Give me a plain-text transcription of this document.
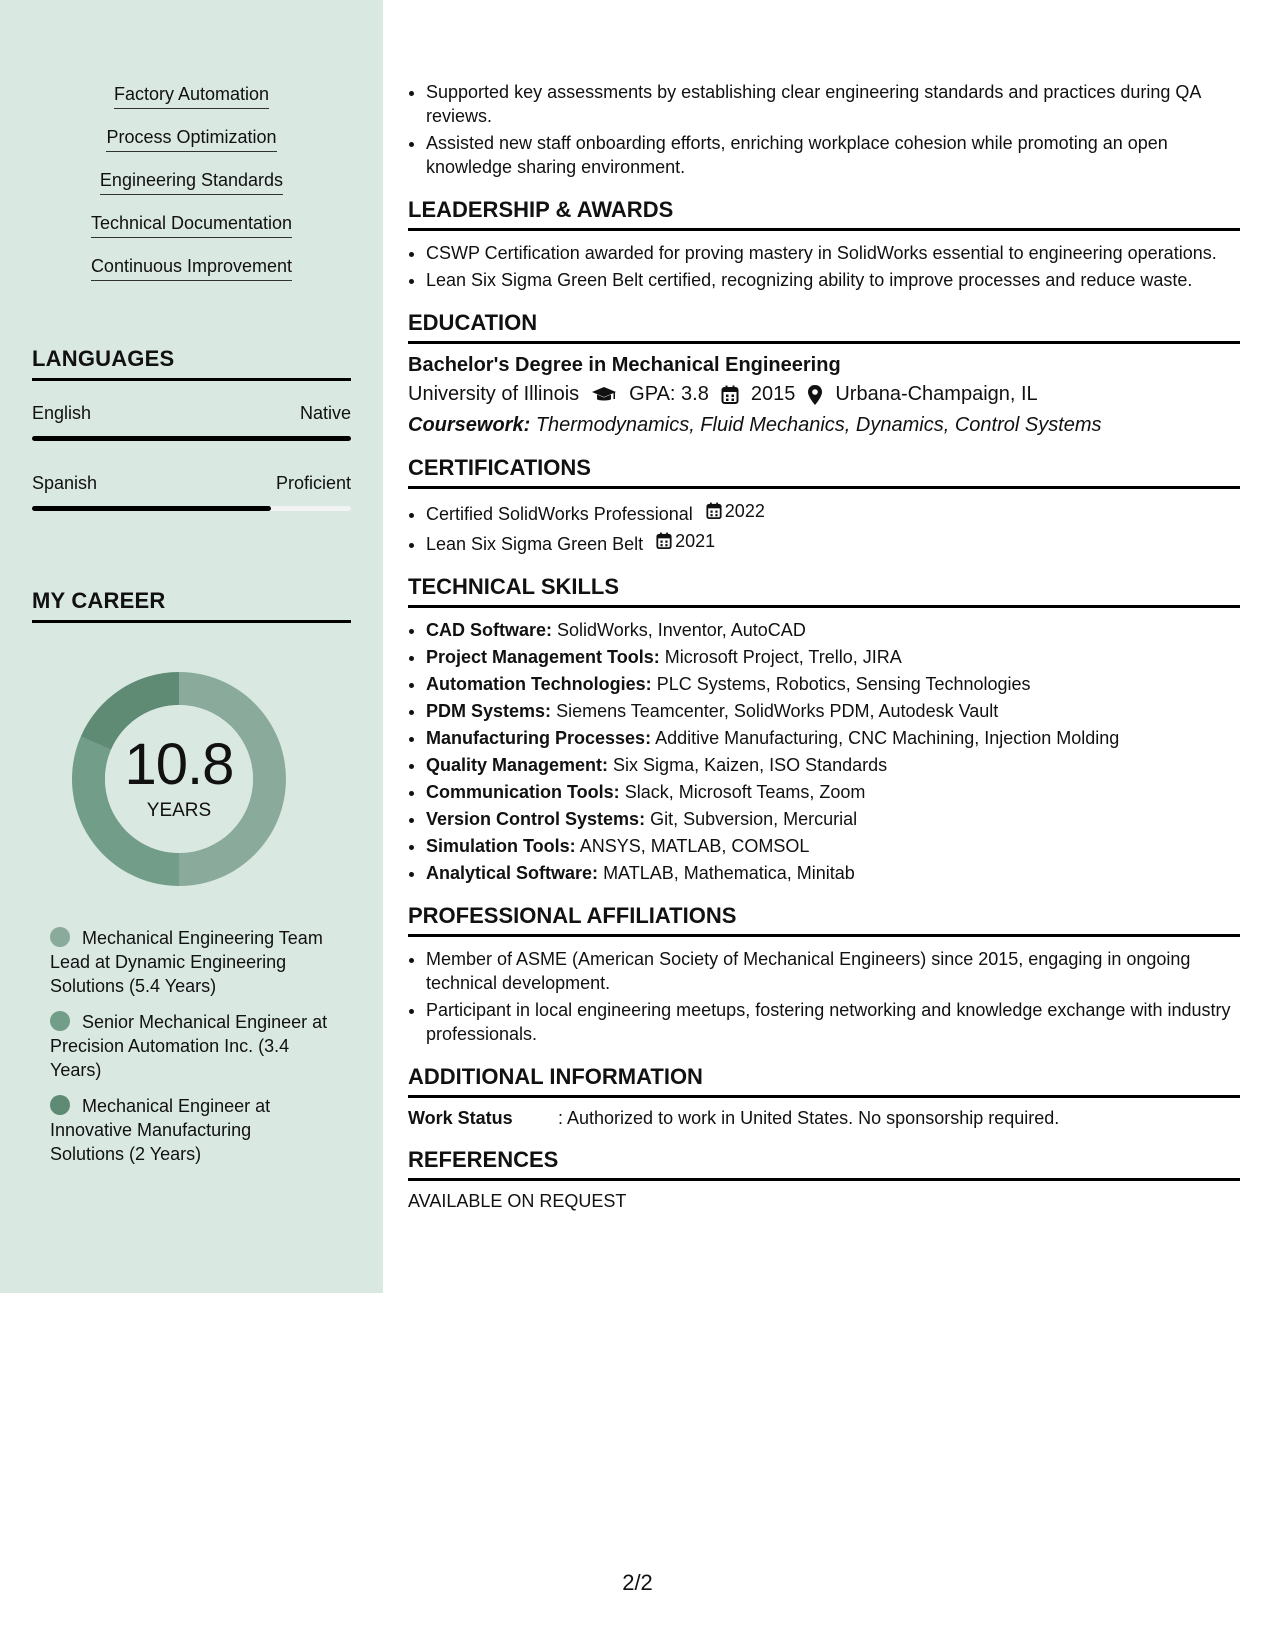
Factory Automation
Process Optimization
Engineering Standards
Technical Documentation
Continuous Improvement
LANGUAGES
English	Native
Spanish	Proficient
MY CAREER
10.8
YEARS
Mechanical Engineering Team Lead at Dynamic Engineering Solutions (5.4 Years)
Senior Mechanical Engineer at Precision Automation Inc. (3.4 Years)
Mechanical Engineer at Innovative Manufacturing Solutions (2 Years)
• Supported key assessments by establishing clear engineering standards and practices during QA reviews.
• Assisted new staff onboarding efforts, enriching workplace cohesion while promoting an open knowledge sharing environment.
LEADERSHIP & AWARDS
• CSWP Certification awarded for proving mastery in SolidWorks essential to engineering operations.
• Lean Six Sigma Green Belt certified, recognizing ability to improve processes and reduce waste.
EDUCATION
Bachelor's Degree in Mechanical Engineering
University of Illinois	GPA: 3.8 2015 Urbana-Champaign, IL
Coursework: Thermodynamics, Fluid Mechanics, Dynamics, Control Systems
CERTIFICATIONS
• Certified SolidWorks Professional 2022
• Lean Six Sigma Green Belt 2021
TECHNICAL SKILLS
• CAD Software: SolidWorks, Inventor, AutoCAD
• Project Management Tools: Microsoft Project, Trello, JIRA
• Automation Technologies: PLC Systems, Robotics, Sensing Technologies
• PDM Systems: Siemens Teamcenter, SolidWorks PDM, Autodesk Vault
• Manufacturing Processes: Additive Manufacturing, CNC Machining, Injection Molding
• Quality Management: Six Sigma, Kaizen, ISO Standards
• Communication Tools: Slack, Microsoft Teams, Zoom
• Version Control Systems: Git, Subversion, Mercurial
• Simulation Tools: ANSYS, MATLAB, COMSOL
• Analytical Software: MATLAB, Mathematica, Minitab
PROFESSIONAL AFFILIATIONS
• Member of ASME (American Society of Mechanical Engineers) since 2015, engaging in ongoing technical development.
• Participant in local engineering meetups, fostering networking and knowledge exchange with industry professionals.
ADDITIONAL INFORMATION
Work Status	: Authorized to work in United States. No sponsorship required.
REFERENCES
AVAILABLE ON REQUEST
2/2
